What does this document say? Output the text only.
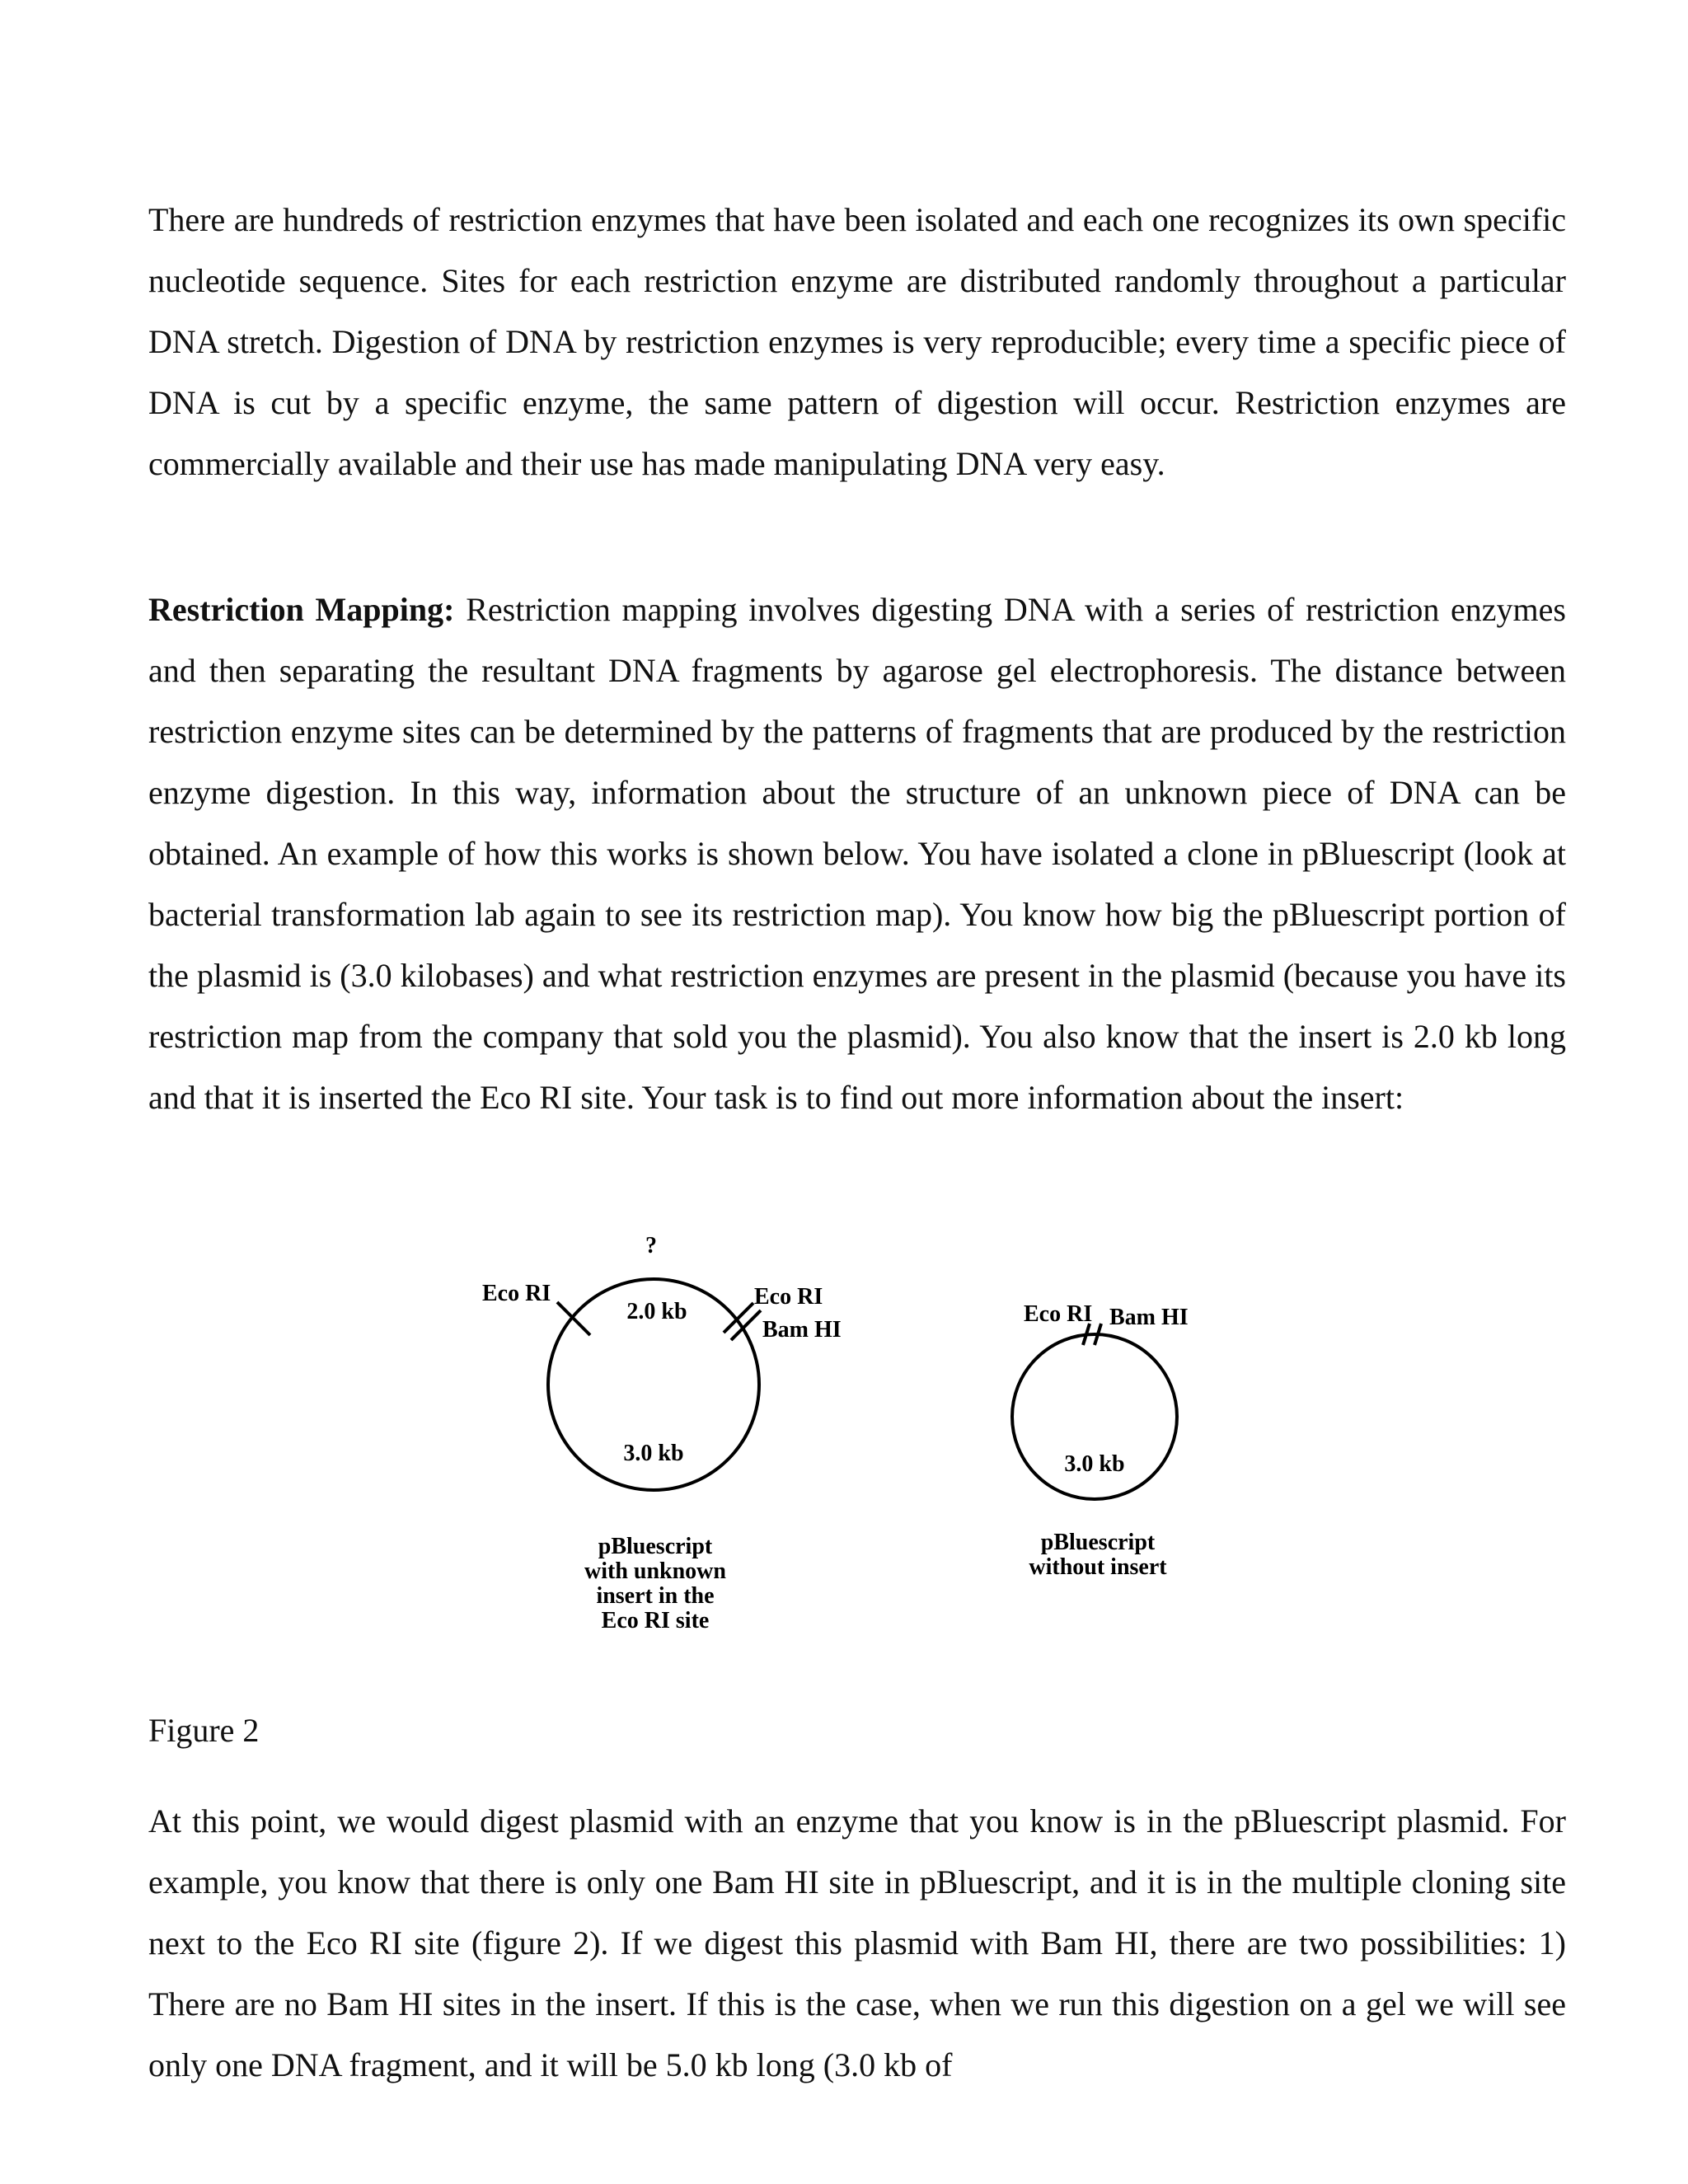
There are hundreds of restriction enzymes that have been isolated and each one recognizes its own specific nucleotide sequence. Sites for each restriction enzyme are distributed randomly throughout a particular DNA stretch. Digestion of DNA by restriction enzymes is very reproducible; every time a specific piece of DNA is cut by a specific enzyme, the same pattern of digestion will occur. Restriction enzymes are commercially available and their use has made manipulating DNA very easy.

Restriction Mapping: Restriction mapping involves digesting DNA with a series of restriction enzymes and then separating the resultant DNA fragments by agarose gel electrophoresis. The distance between restriction enzyme sites can be determined by the patterns of fragments that are produced by the restriction enzyme digestion. In this way, information about the structure of an unknown piece of DNA can be obtained. An example of how this works is shown below. You have isolated a clone in pBluescript (look at bacterial transformation lab again to see its restriction map). You know how big the pBluescript portion of the plasmid is (3.0 kilobases) and what restriction enzymes are present in the plasmid (because you have its restriction map from the company that sold you the plasmid). You also know that the insert is 2.0 kb long and that it is inserted the Eco RI site. Your task is to find out more information about the insert:

?
Eco RI	Eco RI
Bam HI
2.0 kb
3.0 kb
pBluescript
with unknown
insert in the
Eco RI site
Eco RI Bam HI
3.0 kb
pBluescript
without insert
Figure 2

At this point, we would digest plasmid with an enzyme that you know is in the pBluescript plasmid. For example, you know that there is only one Bam HI site in pBluescript, and it is in the multiple cloning site next to the Eco RI site (figure 2). If we digest this plasmid with Bam HI, there are two possibilities: 1) There are no Bam HI sites in the insert. If this is the case, when we run this digestion on a gel we will see only one DNA fragment, and it will be 5.0 kb long (3.0 kb of
